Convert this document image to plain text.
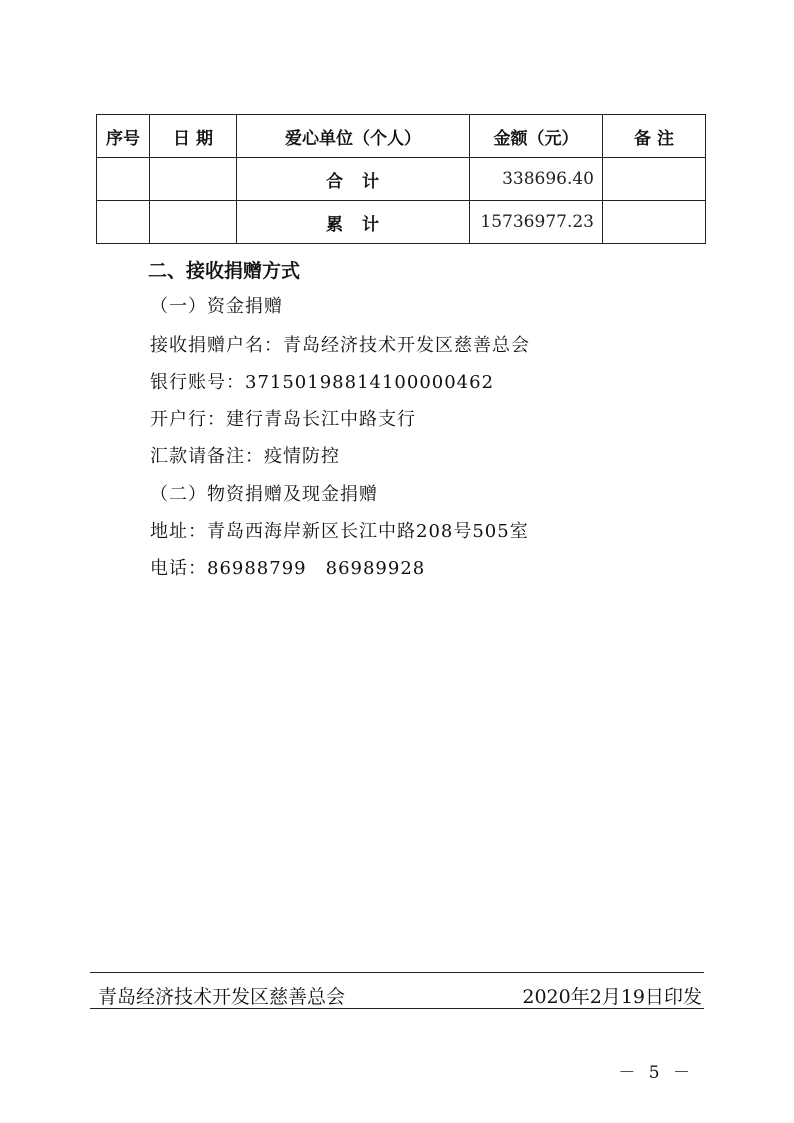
序号	日 期	爱心单位（个人）	金额（元）	备 注
		合　计	338696.40	
		累　计	15736977.23	
二、接收捐赠方式
（一）资金捐赠
接收捐赠户名：青岛经济技术开发区慈善总会
银行账号：37150198814100000462
开户行：建行青岛长江中路支行
汇款请备注：疫情防控
（二）物资捐赠及现金捐赠
地址：青岛西海岸新区长江中路208号505室
电话：86988799　86989928
青岛经济技术开发区慈善总会	2020年2月19日印发
－ 5 －
